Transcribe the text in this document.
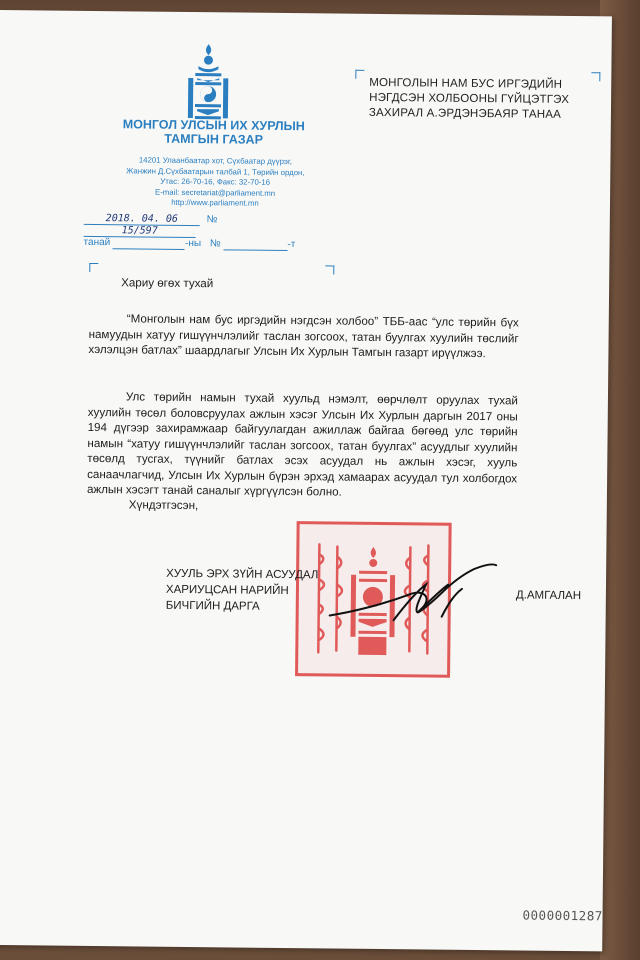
МОНГОЛ УЛСЫН ИХ ХУРЛЫН
ТАМГЫН ГАЗАР
14201 Улаанбаатар хот, Сүхбаатар дүүрэг,
Жанжин Д.Сүхбаатарын талбай 1, Төрийн ордон,
Утас: 26-70-16, Факс: 32-70-16
E-mail: secretariat@parliament.mn
http://www.parliament.mn
2018. 04. 06	№ 15/597
танай	-ны №	-т
МОНГОЛЫН НАМ БУС ИРГЭДИЙН
НЭГДСЭН ХОЛБООНЫ ГҮЙЦЭТГЭХ
ЗАХИРАЛ А.ЭРДЭНЭБАЯР ТАНАА
Хариу өгөх тухай
“Монголын нам бус иргэдийн нэгдсэн холбоо” ТББ-аас “улс төрийн бүх намуудын хатуу гишүүнчлэлийг таслан зогсоох, татан буулгах хуулийн төслийг хэлэлцэн батлах” шаардлагыг Улсын Их Хурлын Тамгын газарт ирүүлжээ.
Улс төрийн намын тухай хуульд нэмэлт, өөрчлөлт оруулах тухай хуулийн төсөл боловсруулах ажлын хэсэг Улсын Их Хурлын даргын 2017 оны 194 дүгээр захирамжаар байгуулагдан ажиллаж байгаа бөгөөд улс төрийн намын “хатуу гишүүнчлэлийг таслан зогсоох, татан буулгах” асуудлыг хуулийн төсөлд тусгах, түүнийг батлах эсэх асуудал нь ажлын хэсэг, хууль санаачлагчид, Улсын Их Хурлын бүрэн эрхэд хамаарах асуудал тул холбогдох ажлын хэсэгт танай саналыг хүргүүлсэн болно.
Хүндэтгэсэн,
ХУУЛЬ ЭРХ ЗҮЙН АСУУДАЛ
ХАРИУЦСАН НАРИЙН
БИЧГИЙН ДАРГА
Д.АМГАЛАН
0000001287
